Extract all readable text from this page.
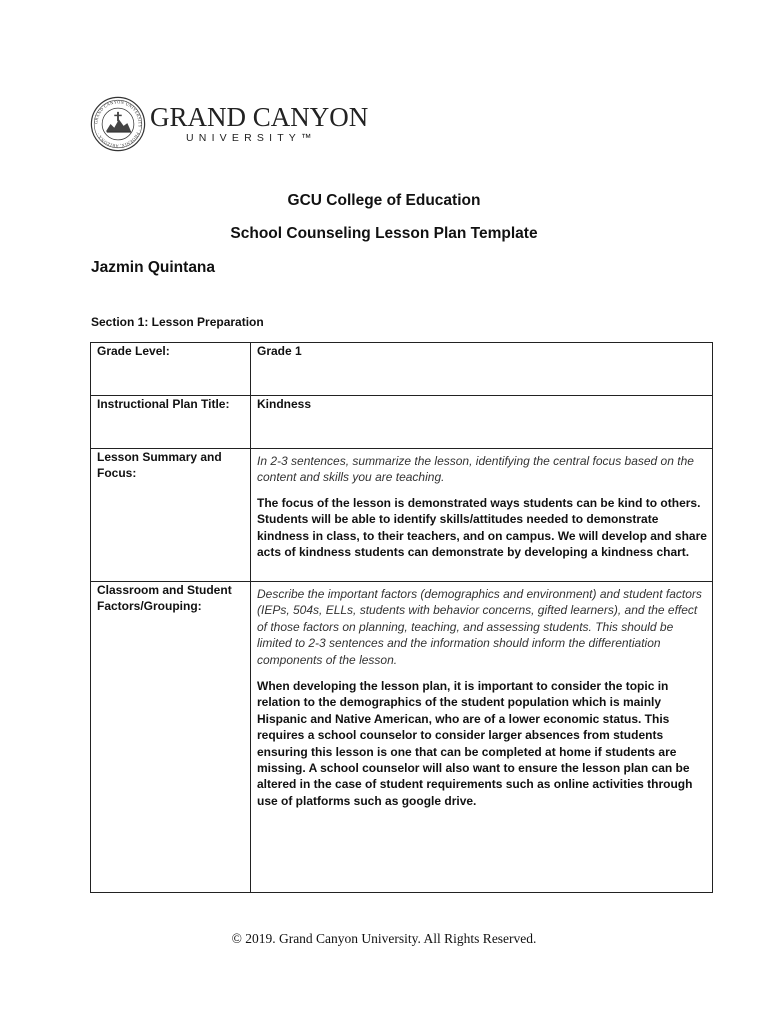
GRAND CANYON UNIVERSITY · PHOENIX, ARIZONA ·
GRAND CANYON
UNIVERSITY™
GCU College of Education
School Counseling Lesson Plan Template
Jazmin Quintana
Section 1: Lesson Preparation
Grade Level:	Grade 1
Instructional Plan Title:	Kindness
Lesson Summary and Focus:	In 2-3 sentences, summarize the lesson, identifying the central focus based on the content and skills you are teaching.

The focus of the lesson is demonstrated ways students can be kind to others. Students will be able to identify skills/attitudes needed to demonstrate kindness in class, to their teachers, and on campus. We will develop and share acts of kindness students can demonstrate by developing a kindness chart.

Classroom and Student Factors/Grouping:	Describe the important factors (demographics and environment) and student factors (IEPs, 504s, ELLs, students with behavior concerns, gifted learners), and the effect of those factors on planning, teaching, and assessing students. This should be limited to 2-3 sentences and the information should inform the differentiation components of the lesson.

When developing the lesson plan, it is important to consider the topic in relation to the demographics of the student population which is mainly Hispanic and Native American, who are of a lower economic status. This requires a school counselor to consider larger absences from students ensuring this lesson is one that can be completed at home if students are missing. A school counselor will also want to ensure the lesson plan can be altered in the case of student requirements such as online activities through use of platforms such as google drive.

© 2019. Grand Canyon University. All Rights Reserved.
